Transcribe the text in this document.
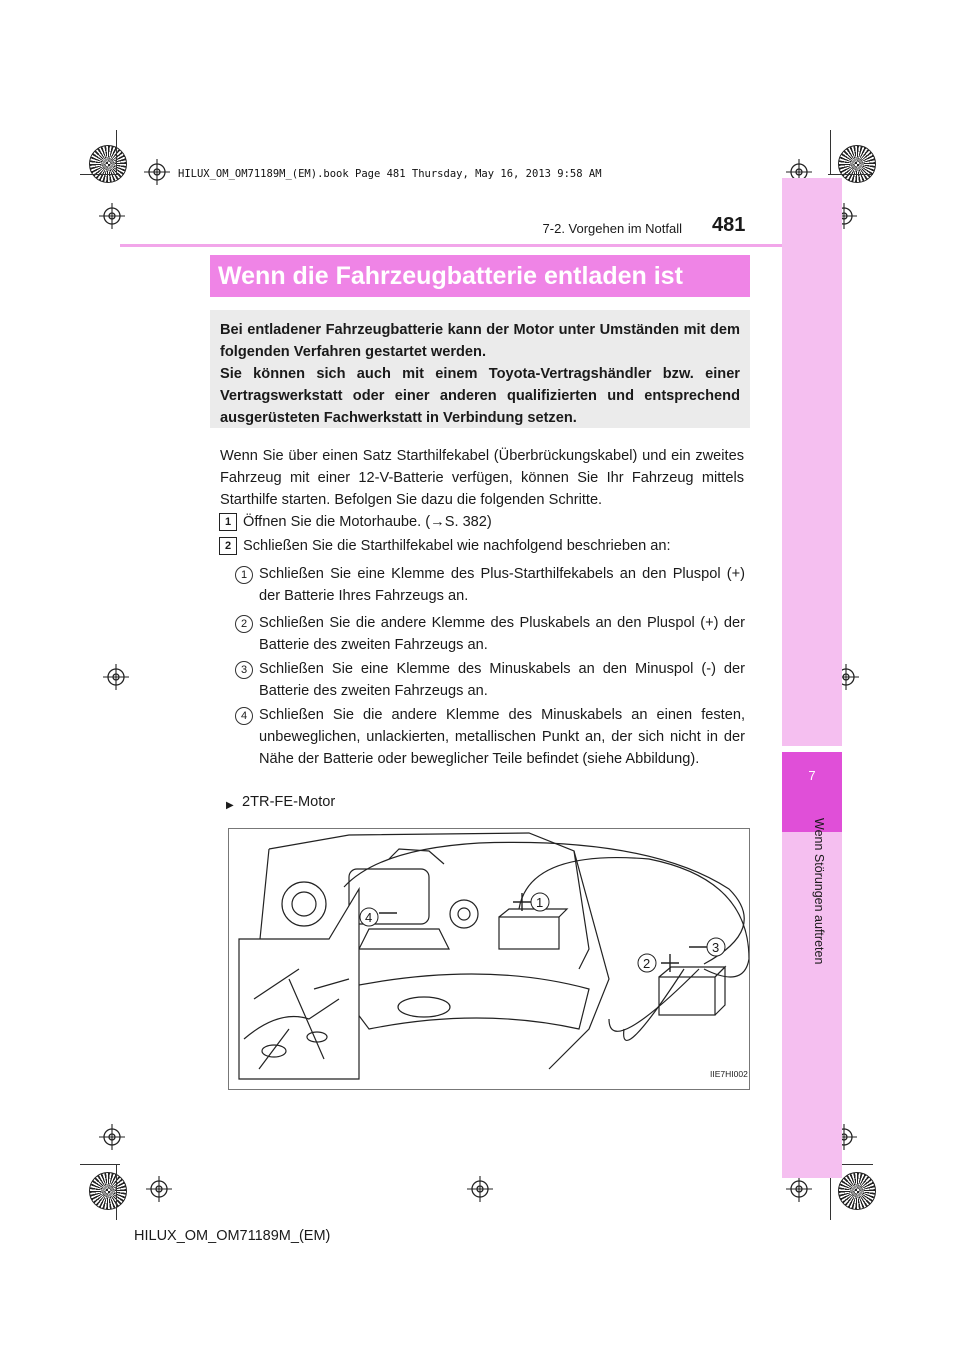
HILUX_OM_OM71189M_(EM).book Page 481 Thursday, May 16, 2013 9:58 AM
7-2. Vorgehen im Notfall 481
7
Wenn Störungen auftreten
Wenn die Fahrzeugbatterie entladen ist

Bei entladener Fahrzeugbatterie kann der Motor unter Umständen mit dem folgenden Verfahren gestartet werden.

Sie können sich auch mit einem Toyota-Vertragshändler bzw. einer Vertragswerkstatt oder einer anderen qualifizierten und entsprechend ausgerüsteten Fachwerkstatt in Verbindung setzen.

Wenn Sie über einen Satz Starthilfekabel (Überbrückungskabel) und ein zweites Fahrzeug mit einer 12-V-Batterie verfügen, können Sie Ihr Fahrzeug mittels Starthilfe starten. Befolgen Sie dazu die folgenden Schritte.
1 Öffnen Sie die Motorhaube. (→S. 382)
2 Schließen Sie die Starthilfekabel wie nachfolgend beschrieben an:
1 Schließen Sie eine Klemme des Plus-Starthilfekabels an den Pluspol (+) der Batterie Ihres Fahrzeugs an.
2 Schließen Sie die andere Klemme des Pluskabels an den Pluspol (+) der Batterie des zweiten Fahrzeugs an.
3 Schließen Sie eine Klemme des Minuskabels an den Minuspol (-) der Batterie des zweiten Fahrzeugs an.
4 Schließen Sie die andere Klemme des Minuskabels an einen festen, unbeweglichen, unlackierten, metallischen Punkt an, der sich nicht in der Nähe der Batterie oder beweglicher Teile befindet (siehe Abbildung).
▶ 2TR-FE-Motor
1
2
3
4
IIE7HI002
HILUX_OM_OM71189M_(EM)
